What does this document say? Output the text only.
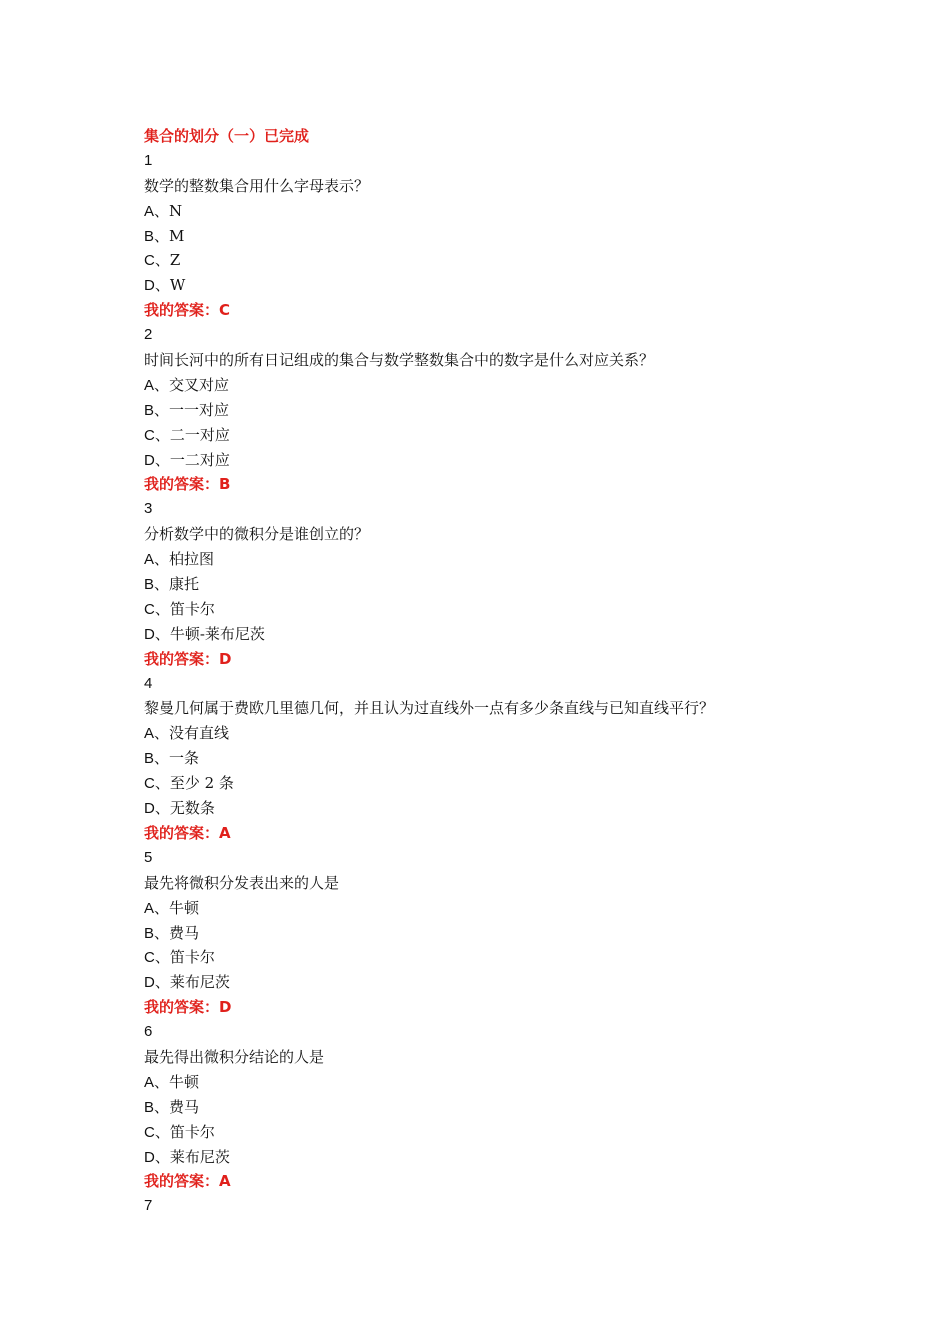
集合的划分（一）已完成
1
数学的整数集合用什么字母表示？
A、N
B、M
C、Z
D、W
我的答案：C
2
时间长河中的所有日记组成的集合与数学整数集合中的数字是什么对应关系？
A、交叉对应
B、一一对应
C、二一对应
D、一二对应
我的答案：B
3
分析数学中的微积分是谁创立的？
A、柏拉图
B、康托
C、笛卡尔
D、牛顿-莱布尼茨
我的答案：D
4
黎曼几何属于费欧几里德几何，并且认为过直线外一点有多少条直线与已知直线平行？
A、没有直线
B、一条
C、至少 2 条
D、无数条
我的答案：A
5
最先将微积分发表出来的人是
A、牛顿
B、费马
C、笛卡尔
D、莱布尼茨
我的答案：D
6
最先得出微积分结论的人是
A、牛顿
B、费马
C、笛卡尔
D、莱布尼茨
我的答案：A
7
